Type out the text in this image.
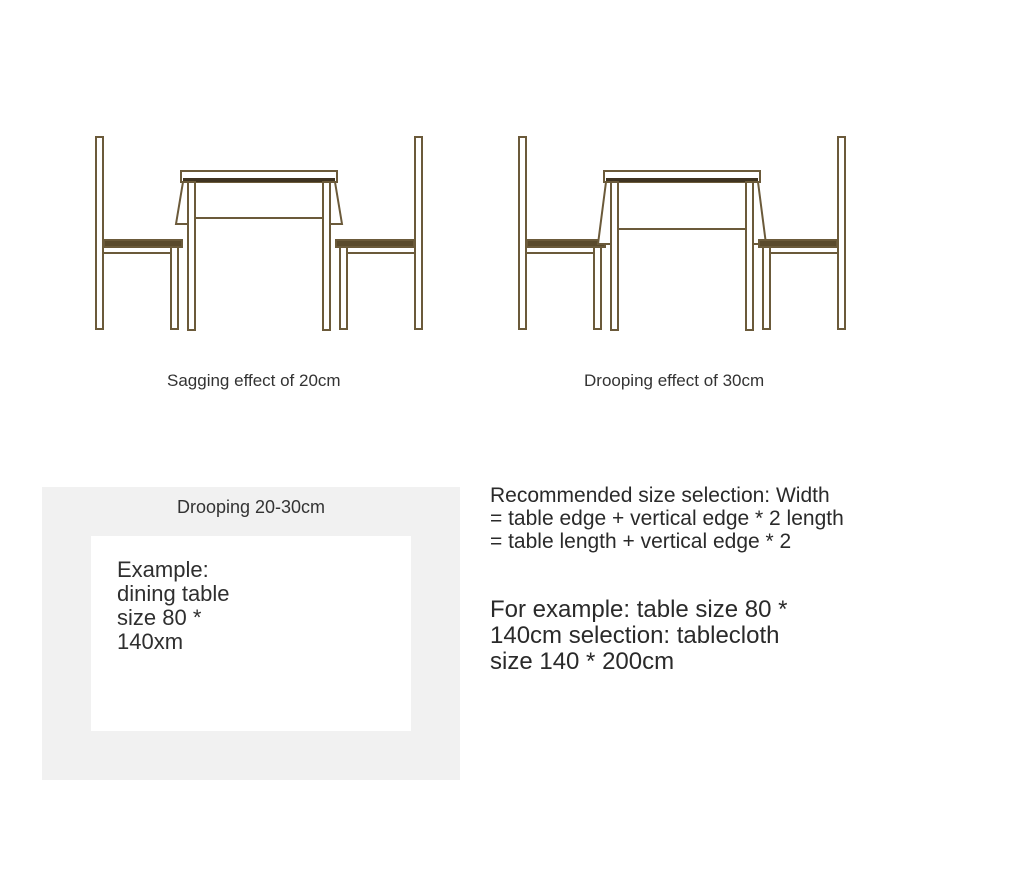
Sagging effect of 20cm	Drooping effect of 30cm
Drooping 20-30cm
Example:
dining table
size 80 *
140xm
Recommended size selection: Width
= table edge + vertical edge * 2 length
= table length + vertical edge * 2
For example: table size 80 *
140cm selection: tablecloth
size 140 * 200cm
